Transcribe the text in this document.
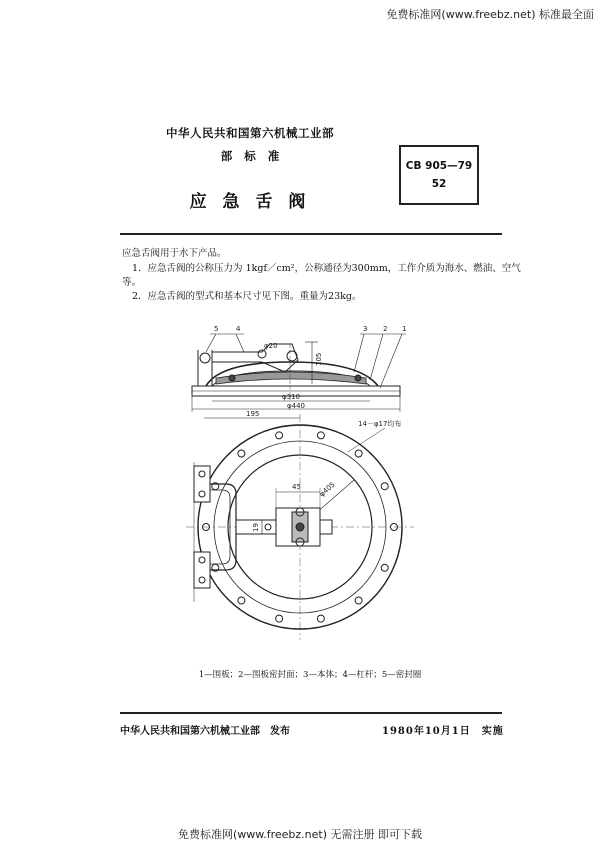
免费标准网(www.freebz.net) 标准最全面
中华人民共和国第六机械工业部
部 标 准
应 急 舌 阀
CB 905—79
52
应急舌阀用于水下产品。
1．应急舌阀的公称压力为 1kgf／cm²，公称通径为300mm，工作介质为海水、燃油、空气
等。
2．应急舌阀的型式和基本尺寸见下图。重量为23kg。
5	4	3 2 1
φ20
105
φ310
φ440
195
14－φ17均布
φ405
45
19
1—围板；2—围板密封面；3—本体；4—杠杆；5—密封圈
中华人民共和国第六机械工业部　发布	1980年10月1日　实施
免费标准网(www.freebz.net) 无需注册 即可下载
